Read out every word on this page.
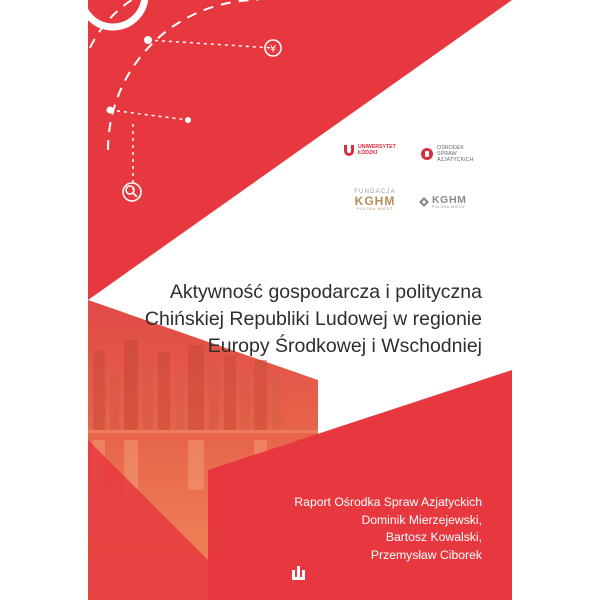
¥
UNIWERSYTET
ŁÓDZKI
OŚRODEK
SPRAW
AZJATYCKICH
FUNDACJA
KGHM
POLSKA MIEDŹ
KGHM
POLSKA MIEDŹ
Aktywność gospodarcza i polityczna
Chińskiej Republiki Ludowej w regionie
Europy Środkowej i Wschodniej
Raport Ośrodka Spraw Azjatyckich
Dominik Mierzejewski,
Bartosz Kowalski,
Przemysław Ciborek
